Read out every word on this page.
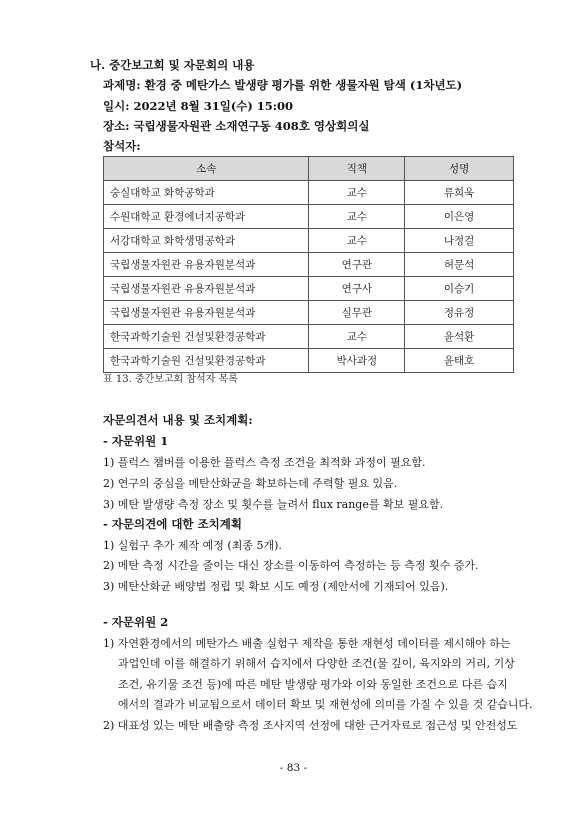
나. 중간보고회 및 자문회의 내용
과제명: 환경 중 메탄가스 발생량 평가를 위한 생물자원 탐색 (1차년도)
일시: 2022년 8월 31일(수) 15:00
장소: 국립생물자원관 소재연구동 408호 영상회의실
참석자:
소속	직책	성명
숭실대학교 화학공학과	교수	류희욱
수원대학교 환경에너지공학과	교수	이은영
서강대학교 화학생명공학과	교수	나정걸
국립생물자원관 유용자원분석과	연구관	허문석
국립생물자원관 유용자원분석과	연구사	이승기
국립생물자원관 유용자원분석과	실무관	정유정
한국과학기술원 건설및환경공학과	교수	윤석환
한국과학기술원 건설및환경공학과	박사과정	윤태호
표 13. 중간보고회 참석자 목록
자문의견서 내용 및 조치계획:
- 자문위원 1
1) 플럭스 챔버를 이용한 플럭스 측정 조건을 최적화 과정이 필요함.
2) 연구의 중심을 메탄산화균을 확보하는데 주력할 필요 있음.
3) 메탄 발생량 측정 장소 및 횟수를 늘려서 flux range를 확보 필요함.
- 자문의견에 대한 조치계획
1) 실험구 추가 제작 예정 (최종 5개).
2) 메탄 측정 시간을 줄이는 대신 장소를 이동하여 측정하는 등 측정 횟수 증가.
3) 메탄산화균 배양법 정립 및 확보 시도 예정 (제안서에 기재되어 있음).
- 자문위원 2
1) 자연환경에서의 메탄가스 배출 실험구 제작을 통한 재현성 데이터를 제시해야 하는
과업인데 이를 해결하기 위해서 습지에서 다양한 조건(물 깊이, 육지와의 거리, 기상
조건, 유기물 조건 등)에 따른 메탄 발생량 평가와 이와 동일한 조건으로 다른 습지
에서의 결과가 비교됨으로서 데이터 확보 및 재현성에 의미를 가질 수 있을 것 같습니다.
2) 대표성 있는 메탄 배출량 측정 조사지역 선정에 대한 근거자료로 접근성 및 안전성도
- 83 -
